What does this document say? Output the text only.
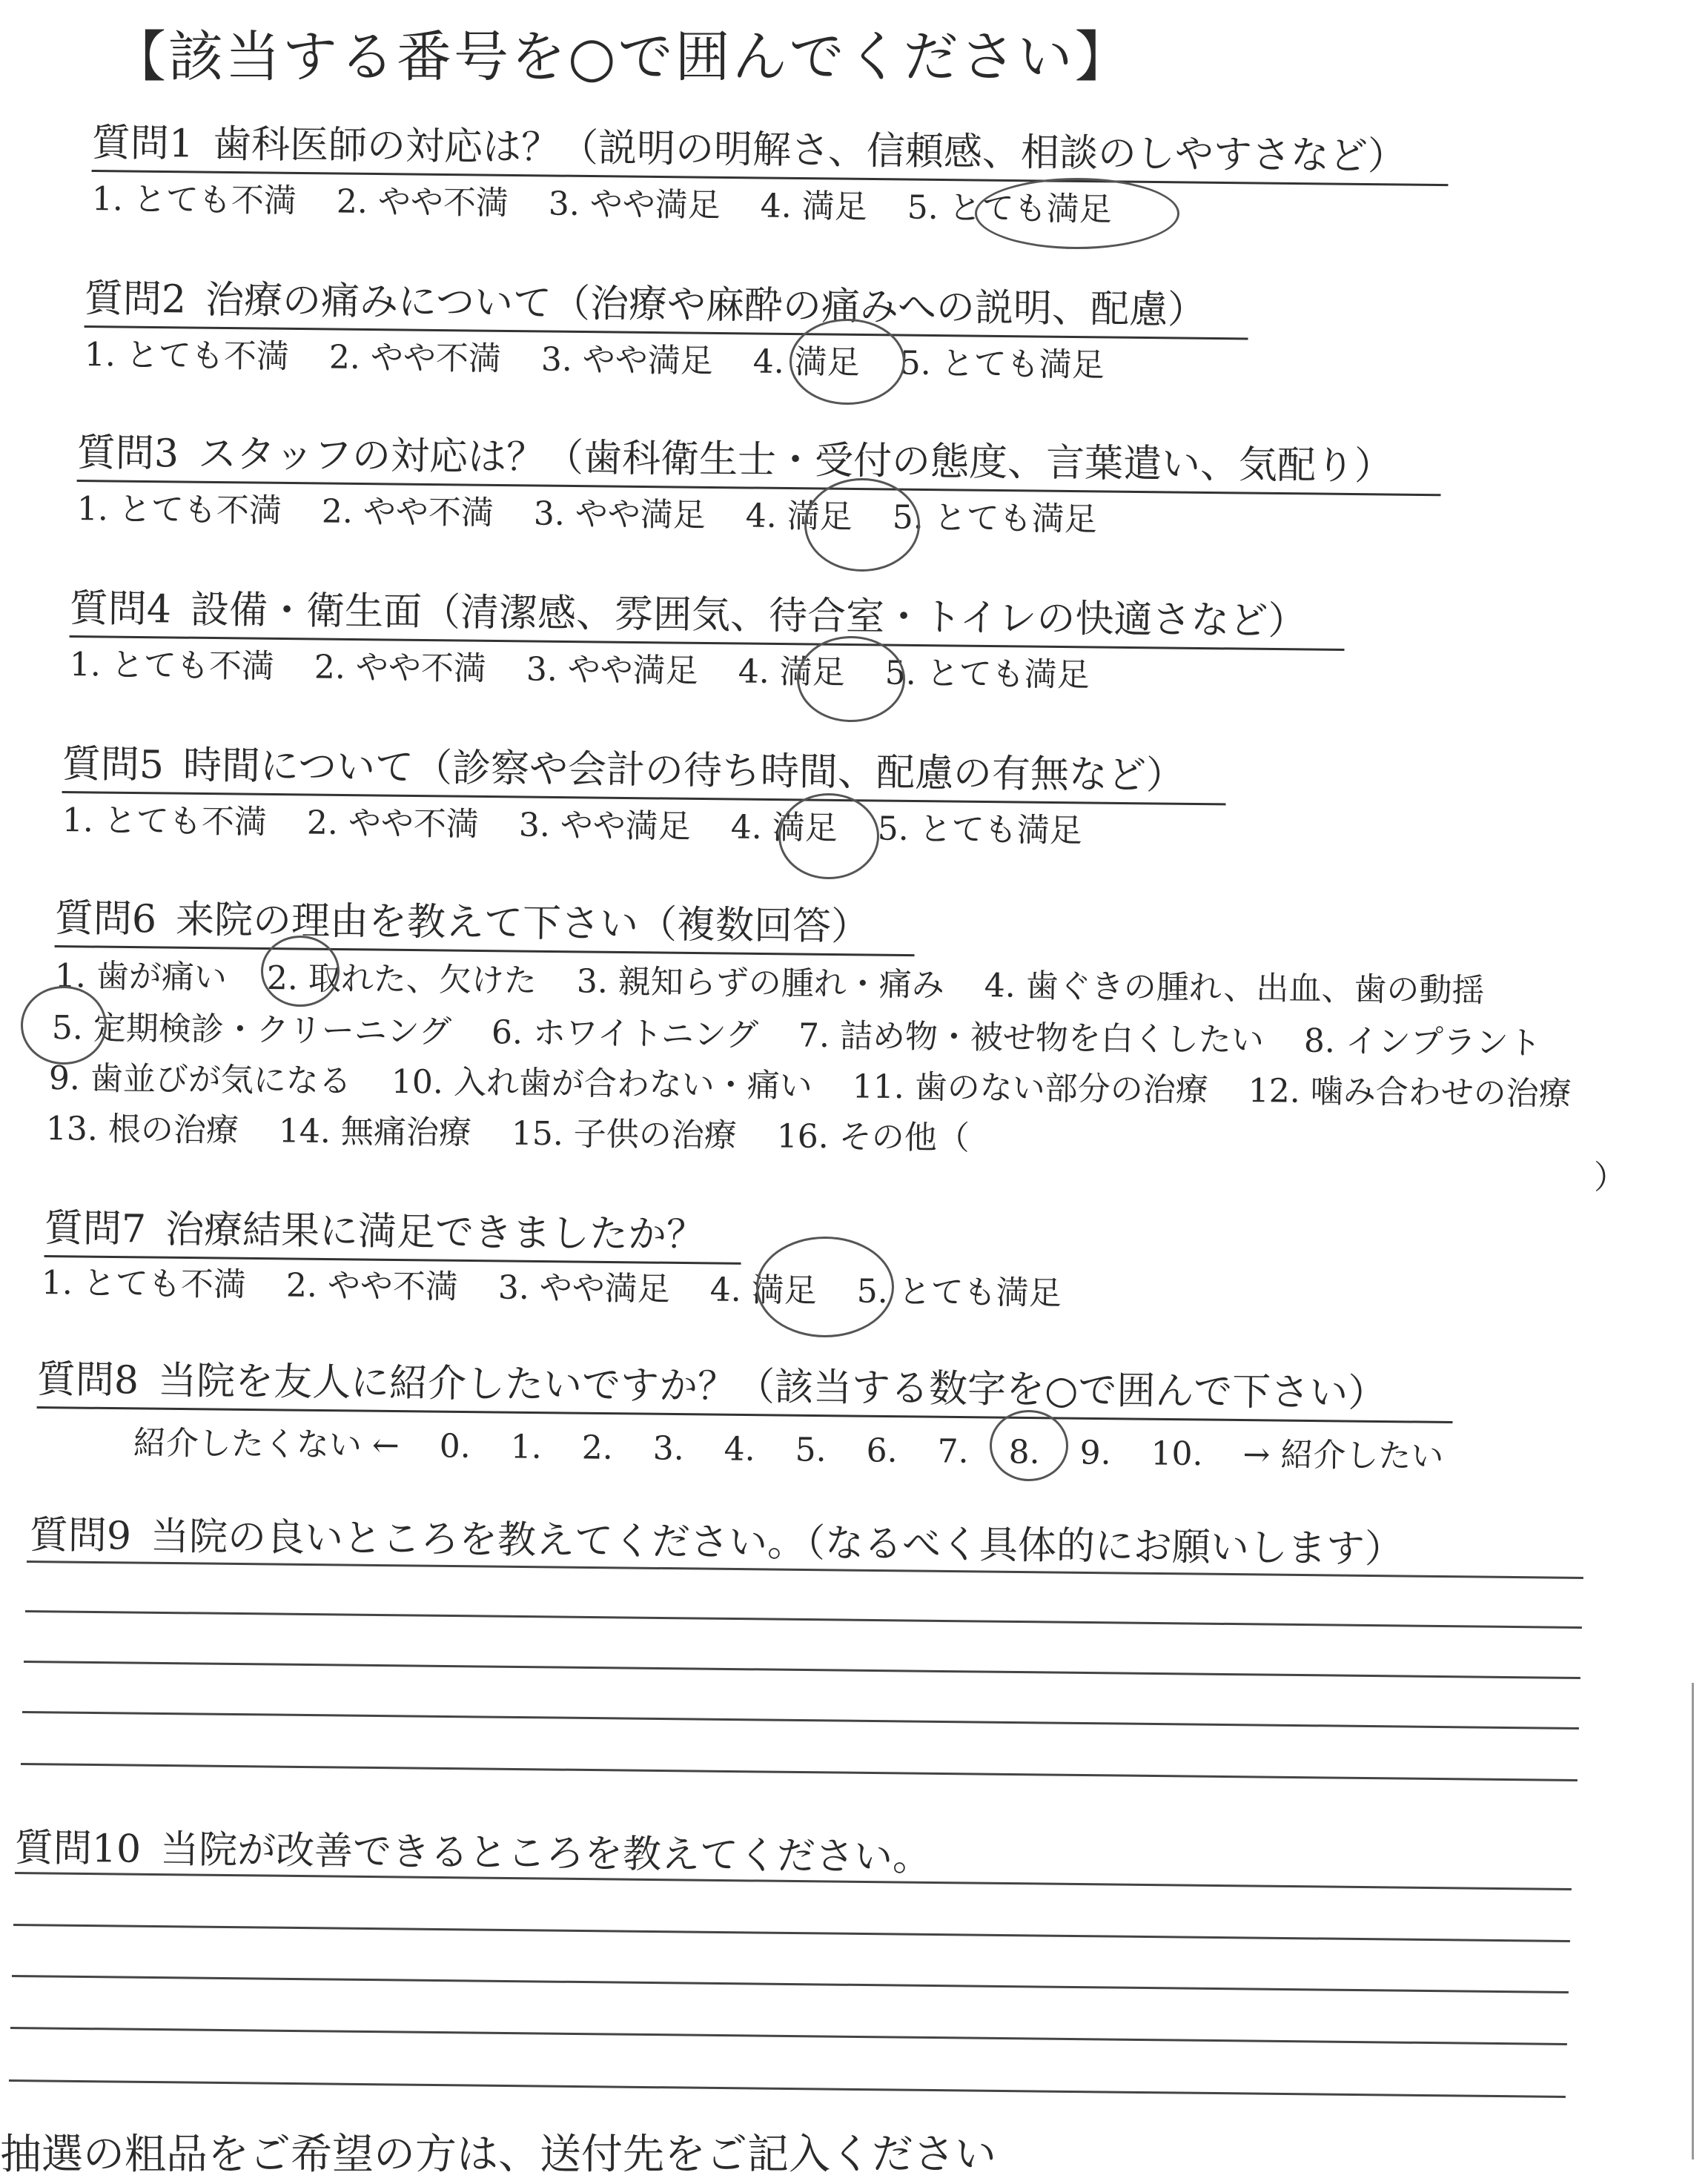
【該当する番号を○で囲んでください】
質問1 歯科医師の対応は？（説明の明解さ、信頼感、相談のしやすさなど）
1. とても不満 2. やや不満 3. やや満足 4. 満足 5. とても満足
質問2 治療の痛みについて（治療や麻酔の痛みへの説明、配慮）
1. とても不満 2. やや不満 3. やや満足 4. 満足 5. とても満足
質問3 スタッフの対応は？（歯科衛生士・受付の態度、言葉遣い、気配り）
1. とても不満 2. やや不満 3. やや満足 4. 満足 5. とても満足
質問4 設備・衛生面（清潔感、雰囲気、待合室・トイレの快適さなど）
1. とても不満 2. やや不満 3. やや満足 4. 満足 5. とても満足
質問5 時間について（診察や会計の待ち時間、配慮の有無など）
1. とても不満 2. やや不満 3. やや満足 4. 満足 5. とても満足
質問6 来院の理由を教えて下さい（複数回答）
1. 歯が痛い 2. 取れた、欠けた 3. 親知らずの腫れ・痛み 4. 歯ぐきの腫れ、出血、歯の動揺
5. 定期検診・クリーニング 6. ホワイトニング 7. 詰め物・被せ物を白くしたい 8. インプラント
9. 歯並びが気になる 10. 入れ歯が合わない・痛い 11. 歯のない部分の治療 12. 噛み合わせの治療
13. 根の治療 14. 無痛治療 15. 子供の治療 16. その他（
）
質問7 治療結果に満足できましたか？
1. とても不満 2. やや不満 3. やや満足 4. 満足 5. とても満足
質問8 当院を友人に紹介したいですか？（該当する数字を○で囲んで下さい）
紹介したくない ← 0. 1. 2. 3. 4. 5. 6. 7. 8. 9. 10. → 紹介したい
質問9 当院の良いところを教えてください。（なるべく具体的にお願いします）
質問10 当院が改善できるところを教えてください。
抽選の粗品をご希望の方は、送付先をご記入ください
